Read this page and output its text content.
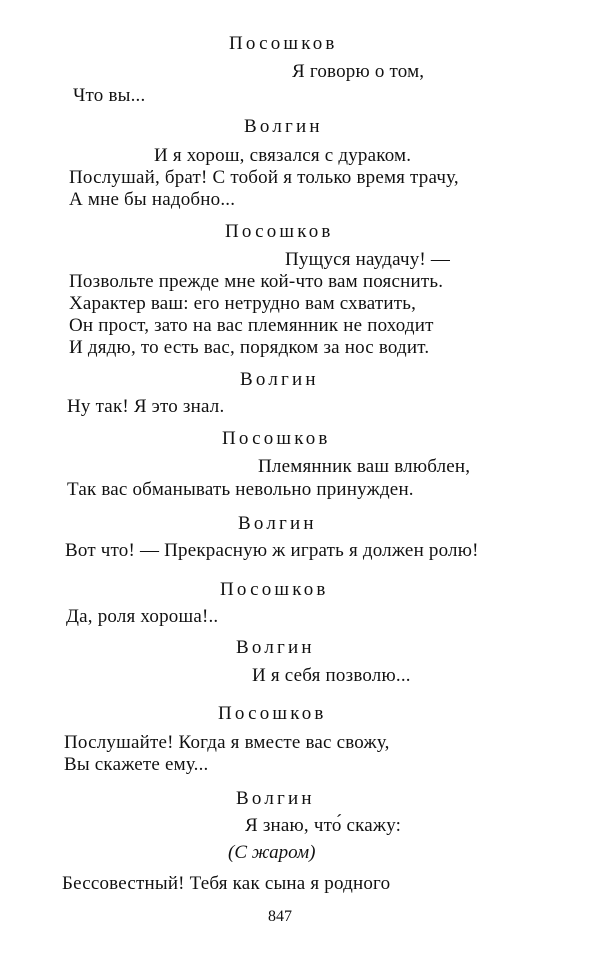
Посошков
Я говорю о том,
Что вы...
Волгин
И я хорош, связался с дураком.
Послушай, брат! С тобой я только время трачу,
А мне бы надобно...
Посошков
Пущуся наудачу! —
Позвольте прежде мне кой-что вам пояснить.
Характер ваш: его нетрудно вам схватить,
Он прост, зато на вас племянник не походит
И дядю, то есть вас, порядком за нос водит.
Волгин
Ну так! Я это знал.
Посошков
Племянник ваш влюблен,
Так вас обманывать невольно принужден.
Волгин
Вот что! — Прекрасную ж играть я должен ролю!
Посошков
Да, роля хороша!..
Волгин
И я себя позволю...
Посошков
Послушайте! Когда я вместе вас свожу,
Вы скажете ему...
Волгин
Я знаю, что́ скажу:
(С жаром)
Бессовестный! Тебя как сына я родного
847
